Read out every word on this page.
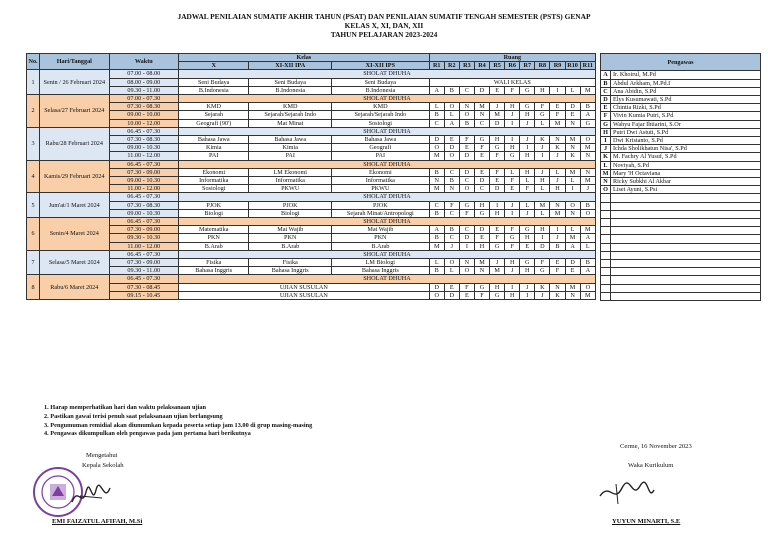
JADWAL PENILAIAN SUMATIF AKHIR TAHUN (PSAT) DAN PENILAIAN SUMATIF TENGAH SEMESTER (PSTS) GENAP
KELAS X, XI, DAN, XII
TAHUN PELAJARAN 2023-2024
No.	Hari/Tanggal	Waktu	Kelas			Ruang										
			X	XI-XII IPA	XI-XII IPS	R1	R2	R3	R4	R5	R6	R7	R8	R9	R10	R11
1	Senin / 26 Februari 2024	07.00 - 08.00	SHOLAT DHUHA													
		08.00 - 09.00	Seni Budaya	Seni Budaya	Seni Budaya	WALI KELAS										
		09.30 - 11.00	B.Indonesia	B.Indonesia	B.Indonesia	A	B	C	D	E	F	G	H	I	L	M
2	Selasa/27 Februari 2024	07.00 - 07.30	SHOLAT DHUHA													
		07.30 - 08.30	KMD	KMD	KMD	L	O	N	M	J	H	G	F	E	D	B
		09.00 - 10.00	Sejarah	Sejarah/Sejarah Indo	Sejarah/Sejarah Indo	B	L	O	N	M	J	H	G	F	E	A
		10.00 - 12.00	Geografi (90')	Mat Minat	Sosiologi	C	A	B	C	D	I	J	L	M	N	G
3	Rabu/28 Februari 2024	06.45 - 07.30	SHOLAT DHUHA													
		07.30 - 08.30	Bahasa Jawa	Bahasa Jawa	Bahasa Jawa	D	E	F	G	H	I	J	K	N	M	O
		09.00 - 10.30	Kimia	Kimia	Geografi	O	D	E	F	G	H	I	J	K	N	M
		11.00 - 12.00	PAI	PAI	PAI	M	O	D	E	F	G	H	I	J	K	N
4	Kamis/29 Februari 2024	06.45 - 07.30	SHOLAT DHUHA													
		07.30 - 09.00	Ekonomi	LM Ekonomi	Ekonomi	B	C	D	E	F	L	H	J	L	M	N
		09.00 - 10.30	Informatika	Informatika	Informatika	N	B	C	D	E	F	L	H	J	L	M
		11.00 - 12.00	Sosiologi	PKWU	PKWU	M	N	O	C	D	E	F	L	H	I	J
5	Jum'at/1 Maret 2024	06.45 - 07.30	SHOLAT DHUHA													
		07.30 - 08.30	PJOK	PJOK	PJOK	C	F	G	H	I	J	L	M	N	O	B
		09.00 - 10.30	Biologi	Biologi	Sejarah Minat/Antropologi	B	C	F	G	H	I	J	L	M	N	O
6	Senin/4 Maret 2024	06.45 - 07.30	SHOLAT DHUHA													
		07.30 - 09.00	Matematika	Mat Wajib	Mat Wajib	A	B	C	D	E	F	G	H	I	L	M
		09.30 - 10.30	PKN	PKN	PKN	B	C	D	E	F	G	H	I	J	M	A
		11.00 - 12.00	B.Arab	B.Arab	B.Arab	M	J	I	H	G	F	E	D	B	A	L
7	Selasa/5 Maret 2024	06.45 - 07.30	SHOLAT DHUHA													
		07.30 - 09.00	Fisika	Fisika	LM Biologi	L	O	N	M	J	H	G	F	E	D	B
		09.30 - 11.00	Bahasa Inggris	Bahasa Inggris	Bahasa Inggris	B	L	O	N	M	J	H	G	F	E	A
8	Rabu/6 Maret 2024	06.45 - 07.30	SHOLAT DHUHA													
		07.30 - 08.45	UJIAN SUSULAN			D	E	F	G	H	I	J	K	N	M	O
		09.15 - 10.45	UJIAN SUSULAN			O	D	E	F	G	H	I	J	K	N	M
Pengawas	
A	Ir. Khoirul, M.Pd
B	Abdul Arkham, M.Pd.I
C	Ana Abidin, S.Pd
D	Elys Kusumawati, S.Pd
E	Chintia Rizki, S.Pd
F	Vivin Kumia Putri, S.Pd
G	Wahyu Fajar Ihtiarini, S.Or
H	Putri Dwi Astuti, S.Pd
I	Dwi Kristanto, S.Pd
J	Ichda Sholikhatun Nisa', S.Pd
K	M. Fachry Al Yusuf, S.Pd
L	Noviyah, S.Pd
M	Mary 'H Octaviana
N	Ricky Subkhi Al Akbar
O	Liset Ayuni, S.Psi

1. Harap memperhatikan hari dan waktu pelaksanaan ujian
2. Pastikan gawai terisi penuh saat pelaksanaan ujian berlangsung
3. Pengumuman remidial akan diumumkan kepada peserta setiap jam 13.00 di grup masing-masing
4. Pengawas dikumpulkan oleh pengawas pada jam pertama hari berikutnya
Cerme, 16 November 2023
Mengetahui
Kepala Sekolah	Waka Kurikulum
EMI FAIZATUL AFIFAH, M.Si	YUYUN MINARTI, S.E
